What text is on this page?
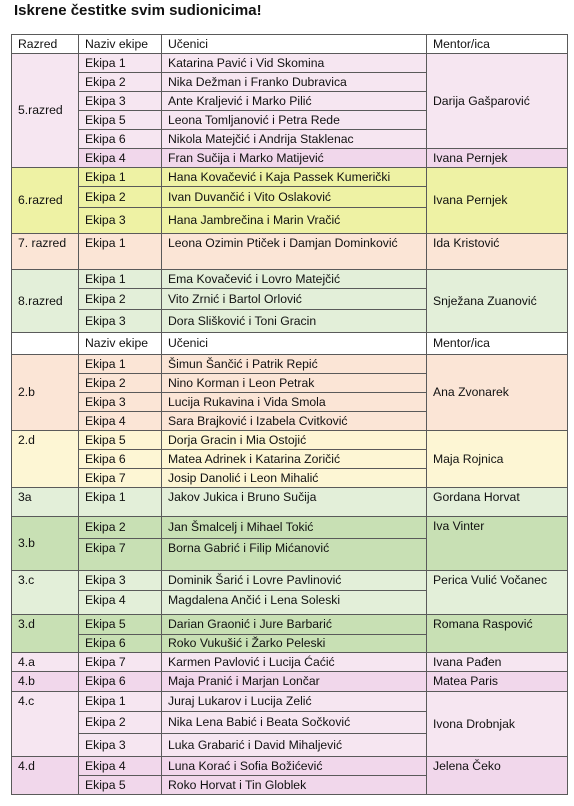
Iskrene čestitke svim sudionicima!
Razred	Naziv ekipe	Učenici	Mentor/ica
5.razred	Ekipa 1	Katarina Pavić i Vid Skomina	Darija Gašparović
	Ekipa 2	Nika Dežman i Franko Dubravica	
	Ekipa 3	Ante Kraljević i Marko Pilić	
	Ekipa 5	Leona Tomljanović i Petra Rede	
	Ekipa 6	Nikola Matejčić i Andrija Staklenac	
	Ekipa 4	Fran Sučija i Marko Matijević	Ivana Pernjek
6.razred	Ekipa 1	Hana Kovačević i Kaja Passek Kumerički	Ivana Pernjek
	Ekipa 2	Ivan Duvančić i Vito Oslaković	
	Ekipa 3	Hana Jambrečina i Marin Vračić	
7. razred	Ekipa 1	Leona Ozimin Ptiček i Damjan Dominković	Ida Kristović
8.razred	Ekipa 1	Ema Kovačević i Lovro Matejčić	Snježana Zuanović
	Ekipa 2	Vito Zrnić i Bartol Orlović	
	Ekipa 3	Dora Slišković i Toni Gracin	
	Naziv ekipe	Učenici	Mentor/ica
2.b	Ekipa 1	Šimun Šančić i Patrik Repić	Ana Zvonarek
	Ekipa 2	Nino Korman i Leon Petrak	
	Ekipa 3	Lucija Rukavina i Vida Smola	
	Ekipa 4	Sara Brajković i Izabela Cvitković	
2.d	Ekipa 5	Dorja Gracin i Mia Ostojić	Maja Rojnica
	Ekipa 6	Matea Adrinek i Katarina Zoričić	
	Ekipa 7	Josip Danolić i Leon Mihalić	
3a	Ekipa 1	Jakov Jukica i Bruno Sučija	Gordana Horvat
3.b	Ekipa 2	Jan Šmalcelj i Mihael Tokić	Iva Vinter
	Ekipa 7	Borna Gabrić i Filip Mićanović	
3.c	Ekipa 3	Dominik Šarić i Lovre Pavlinović	Perica Vulić Vočanec
	Ekipa 4	Magdalena Ančić i Lena Soleski	
3.d	Ekipa 5	Darian Graonić i Jure Barbarić	Romana Raspović
	Ekipa 6	Roko Vukušić i Žarko Peleski	
4.a	Ekipa 7	Karmen Pavlović i Lucija Ćaćić	Ivana Pađen
4.b	Ekipa 6	Maja Pranić i Marjan Lončar	Matea Paris
4.c	Ekipa 1	Juraj Lukarov i Lucija Zelić	Ivona Drobnjak
	Ekipa 2	Nika Lena Babić i Beata Sočković	
	Ekipa 3	Luka Grabarić i David Mihaljević	
4.d	Ekipa 4	Luna Korać i Sofia Božićević	Jelena Čeko
	Ekipa 5	Roko Horvat i Tin Globlek	
